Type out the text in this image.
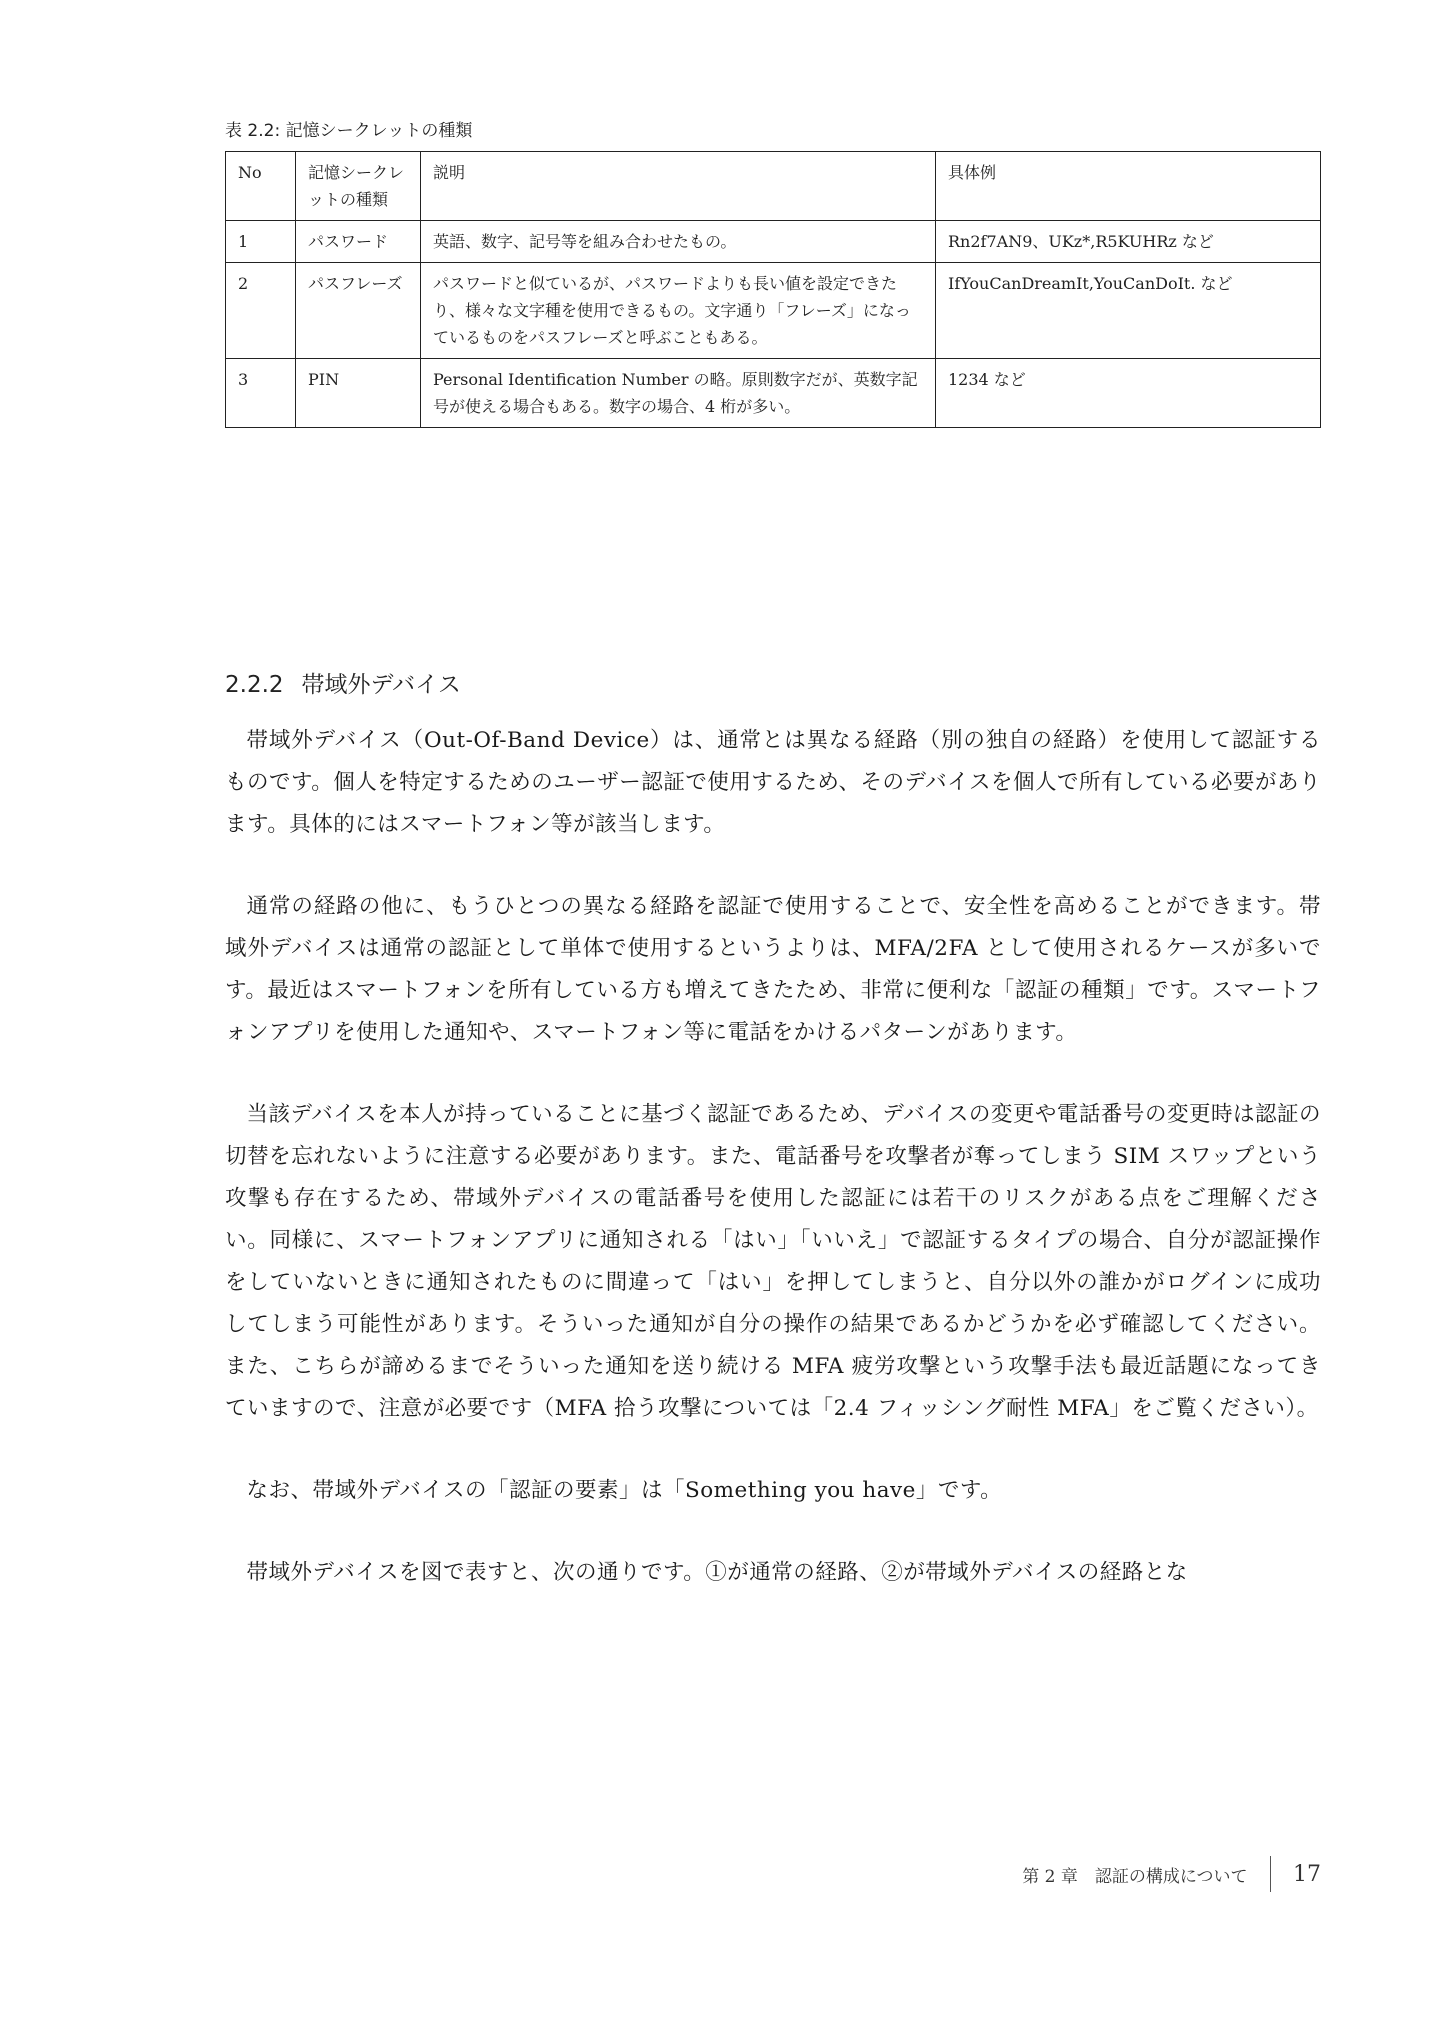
表 2.2: 記憶シークレットの種類
No	記憶シークレットの種類	説明	具体例
1	パスワード	英語、数字、記号等を組み合わせたもの。	Rn2f7AN9、UKz*,R5KUHRz など
2	パスフレーズ	パスワードと似ているが、パスワードよりも長い値を設定できたり、様々な文字種を使用できるもの。文字通り「フレーズ」になっているものをパスフレーズと呼ぶこともある。	IfYouCanDreamIt,YouCanDoIt. など
3	PIN	Personal Identification Number の略。原則数字だが、英数字記号が使える場合もある。数字の場合、4 桁が多い。	1234 など
2.2.2 帯域外デバイス

帯域外デバイス（Out-Of-Band Device）は、通常とは異なる経路（別の独自の経路）を使用して認証するものです。個人を特定するためのユーザー認証で使用するため、そのデバイスを個人で所有している必要があります。具体的にはスマートフォン等が該当します。

通常の経路の他に、もうひとつの異なる経路を認証で使用することで、安全性を高めることができます。帯域外デバイスは通常の認証として単体で使用するというよりは、MFA/2FA として使用されるケースが多いです。最近はスマートフォンを所有している方も増えてきたため、非常に便利な「認証の種類」です。スマートフォンアプリを使用した通知や、スマートフォン等に電話をかけるパターンがあります。

当該デバイスを本人が持っていることに基づく認証であるため、デバイスの変更や電話番号の変更時は認証の切替を忘れないように注意する必要があります。また、電話番号を攻撃者が奪ってしまう SIM スワップという攻撃も存在するため、帯域外デバイスの電話番号を使用した認証には若干のリスクがある点をご理解ください。同様に、スマートフォンアプリに通知される「はい」「いいえ」で認証するタイプの場合、自分が認証操作をしていないときに通知されたものに間違って「はい」を押してしまうと、自分以外の誰かがログインに成功してしまう可能性があります。そういった通知が自分の操作の結果であるかどうかを必ず確認してください。また、こちらが諦めるまでそういった通知を送り続ける MFA 疲労攻撃という攻撃手法も最近話題になってきていますので、注意が必要です（MFA 拾う攻撃については「2.4 フィッシング耐性 MFA」をご覧ください）。

なお、帯域外デバイスの「認証の要素」は「Something you have」です。

帯域外デバイスを図で表すと、次の通りです。①が通常の経路、②が帯域外デバイスの経路とな

第 2 章　認証の構成について 17
